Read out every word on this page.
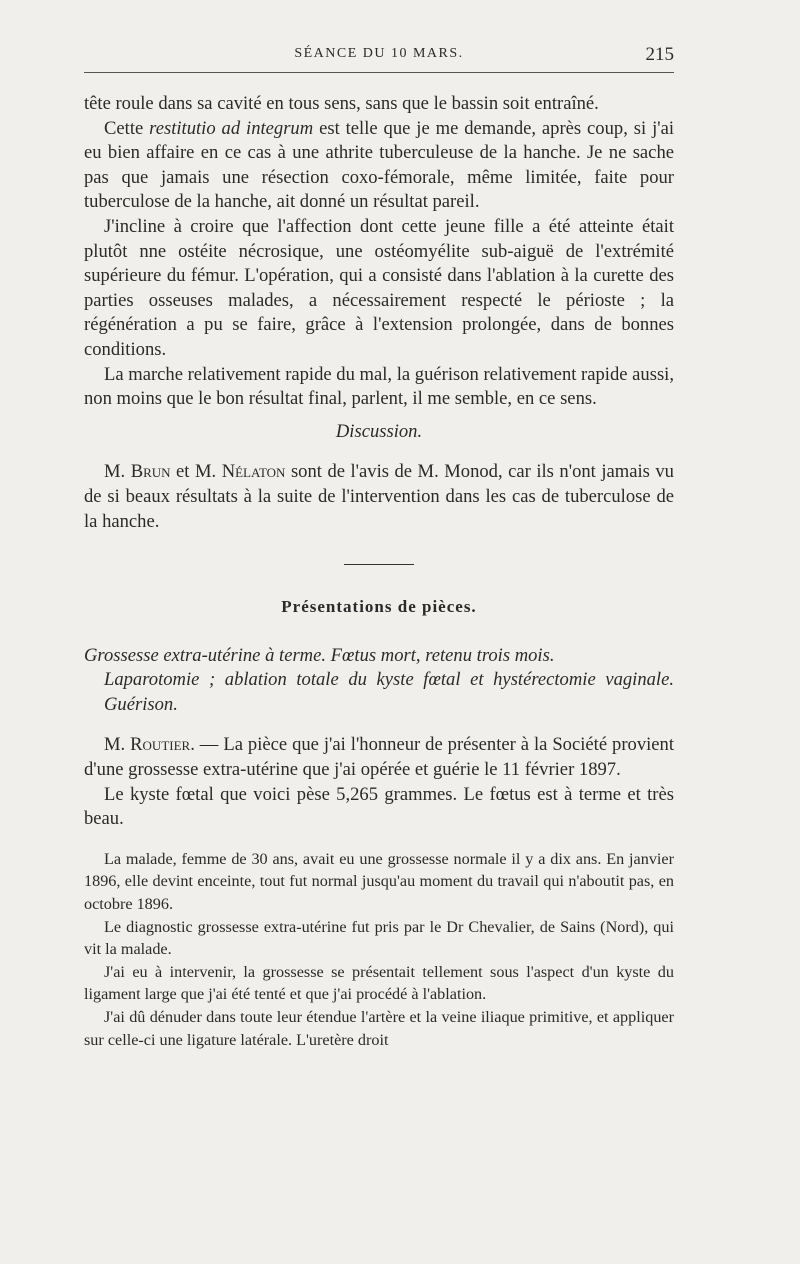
SÉANCE DU 10 MARS.	215

tête roule dans sa cavité en tous sens, sans que le bassin soit entraîné.

Cette restitutio ad integrum est telle que je me demande, après coup, si j'ai eu bien affaire en ce cas à une athrite tuberculeuse de la hanche. Je ne sache pas que jamais une résection coxo-fémorale, même limitée, faite pour tuberculose de la hanche, ait donné un résultat pareil.

J'incline à croire que l'affection dont cette jeune fille a été atteinte était plutôt nne ostéite nécrosique, une ostéomyélite sub-aiguë de l'extrémité supérieure du fémur. L'opération, qui a consisté dans l'ablation à la curette des parties osseuses malades, a nécessairement respecté le périoste ; la régénération a pu se faire, grâce à l'extension prolongée, dans de bonnes conditions.

La marche relativement rapide du mal, la guérison relativement rapide aussi, non moins que le bon résultat final, parlent, il me semble, en ce sens.

Discussion.

M. Brun et M. Nélaton sont de l'avis de M. Monod, car ils n'ont jamais vu de si beaux résultats à la suite de l'intervention dans les cas de tuberculose de la hanche.

Présentations de pièces.
Grossesse extra-utérine à terme. Fœtus mort, retenu trois mois.
Laparotomie ; ablation totale du kyste fœtal et hystérectomie vaginale. Guérison.

M. Routier. — La pièce que j'ai l'honneur de présenter à la Société provient d'une grossesse extra-utérine que j'ai opérée et guérie le 11 février 1897.

Le kyste fœtal que voici pèse 5,265 grammes. Le fœtus est à terme et très beau.

La malade, femme de 30 ans, avait eu une grossesse normale il y a dix ans. En janvier 1896, elle devint enceinte, tout fut normal jusqu'au moment du travail qui n'aboutit pas, en octobre 1896.

Le diagnostic grossesse extra-utérine fut pris par le Dr Chevalier, de Sains (Nord), qui vit la malade.

J'ai eu à intervenir, la grossesse se présentait tellement sous l'aspect d'un kyste du ligament large que j'ai été tenté et que j'ai procédé à l'ablation.

J'ai dû dénuder dans toute leur étendue l'artère et la veine iliaque primitive, et appliquer sur celle-ci une ligature latérale. L'uretère droit
